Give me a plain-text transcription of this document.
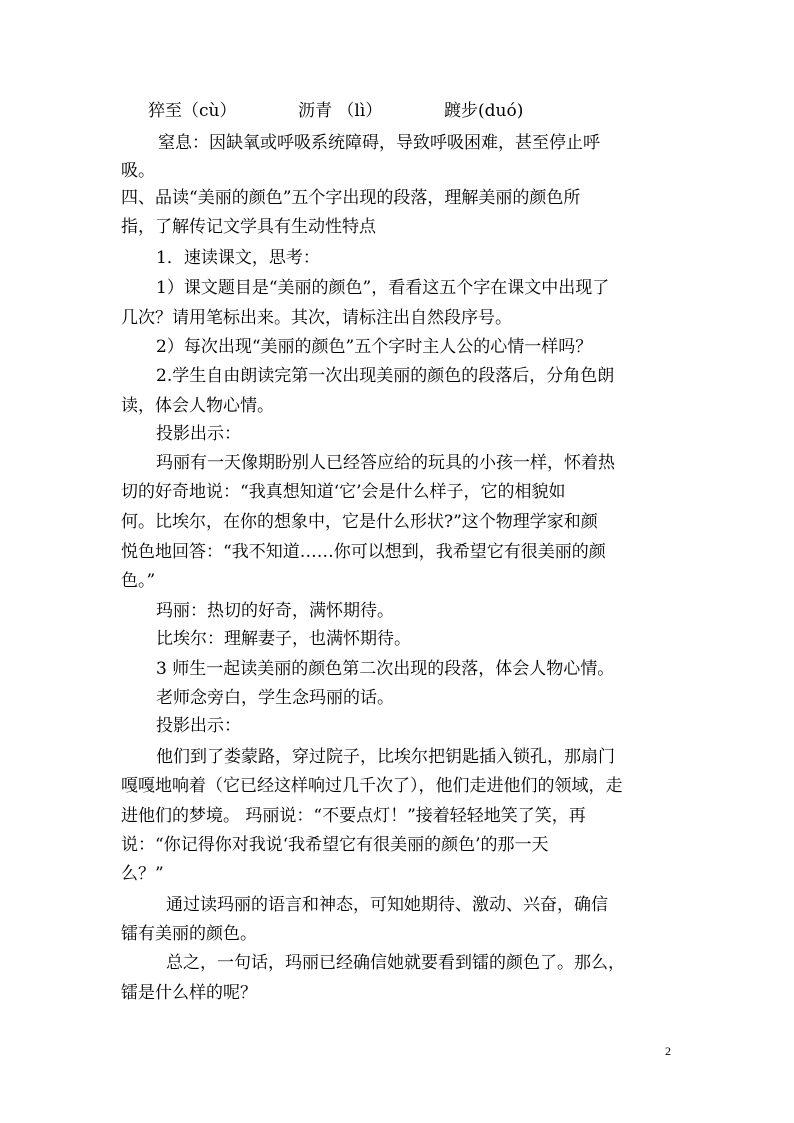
猝至（cù）	沥青 （lì）	踱步(duó)
窒息：因缺氧或呼吸系统障碍，导致呼吸困难，甚至停止呼
吸。
四、品读“美丽的颜色”五个字出现的段落，理解美丽的颜色所
指，了解传记文学具有生动性特点
1．速读课文，思考：
1）课文题目是“美丽的颜色”，看看这五个字在课文中出现了
几次？请用笔标出来。其次，请标注出自然段序号。
2）每次出现“美丽的颜色”五个字时主人公的心情一样吗？
2.学生自由朗读完第一次出现美丽的颜色的段落后，分角色朗
读，体会人物心情。
投影出示：
玛丽有一天像期盼别人已经答应给的玩具的小孩一样，怀着热
切的好奇地说：“我真想知道‘它’会是什么样子，它的相貌如
何。比埃尔，在你的想象中，它是什么形状?”这个物理学家和颜
悦色地回答：“我不知道……你可以想到，我希望它有很美丽的颜
色。”
玛丽：热切的好奇，满怀期待。
比埃尔：理解妻子，也满怀期待。
3 师生一起读美丽的颜色第二次出现的段落，体会人物心情。
老师念旁白，学生念玛丽的话。
投影出示：
他们到了娄蒙路，穿过院子，比埃尔把钥匙插入锁孔，那扇门
嘎嘎地响着（它已经这样响过几千次了），他们走进他们的领域，走
进他们的梦境。 玛丽说：“不要点灯！”接着轻轻地笑了笑，再
说：“你记得你对我说‘我希望它有很美丽的颜色’的那一天
么？”
通过读玛丽的语言和神态，可知她期待、激动、兴奋，确信
镭有美丽的颜色。
总之，一句话，玛丽已经确信她就要看到镭的颜色了。那么，
镭是什么样的呢？
2
